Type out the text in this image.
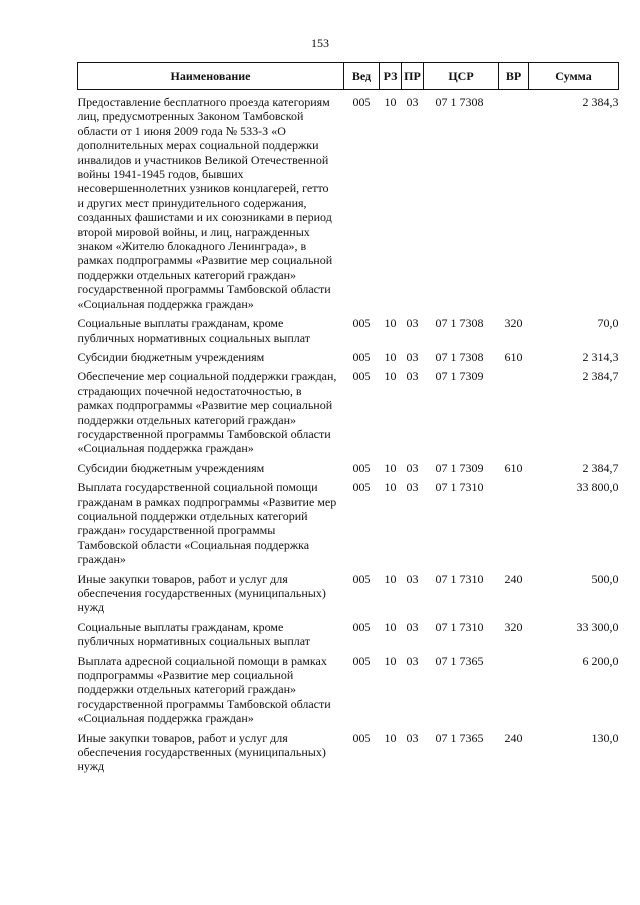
153
Наименование	Вед	РЗ	ПР	ЦСР	ВР	Сумма
Предоставление бесплатного проезда категориям лиц, предусмотренных Законом Тамбовской области от 1 июня 2009 года № 533-З «О дополнительных мерах социальной поддержки инвалидов и участников Великой Отечественной войны 1941-1945 годов, бывших несовершеннолетних узников концлагерей, гетто и других мест принудительного содержания, созданных фашистами и их союзниками в период второй мировой войны, и лиц, награжденных знаком «Жителю блокадного Ленинграда», в рамках подпрограммы «Развитие мер социальной поддержки отдельных категорий граждан» государственной программы Тамбовской области «Социальная поддержка граждан»	005	10	03	07 1 7308		2 384,3
Социальные выплаты гражданам, кроме публичных нормативных социальных выплат	005	10	03	07 1 7308	320	70,0
Субсидии бюджетным учреждениям	005	10	03	07 1 7308	610	2 314,3
Обеспечение мер социальной поддержки граждан, страдающих почечной недостаточностью, в рамках подпрограммы «Развитие мер социальной поддержки отдельных категорий граждан» государственной программы Тамбовской области «Социальная поддержка граждан»	005	10	03	07 1 7309		2 384,7
Субсидии бюджетным учреждениям	005	10	03	07 1 7309	610	2 384,7
Выплата государственной социальной помощи гражданам в рамках подпрограммы «Развитие мер социальной поддержки отдельных категорий граждан» государственной программы Тамбовской области «Социальная поддержка граждан»	005	10	03	07 1 7310		33 800,0
Иные закупки товаров, работ и услуг для обеспечения государственных (муниципальных) нужд	005	10	03	07 1 7310	240	500,0
Социальные выплаты гражданам, кроме публичных нормативных социальных выплат	005	10	03	07 1 7310	320	33 300,0
Выплата адресной социальной помощи в рамках подпрограммы «Развитие мер социальной поддержки отдельных категорий граждан» государственной программы Тамбовской области «Социальная поддержка граждан»	005	10	03	07 1 7365		6 200,0
Иные закупки товаров, работ и услуг для обеспечения государственных (муниципальных) нужд	005	10	03	07 1 7365	240	130,0
